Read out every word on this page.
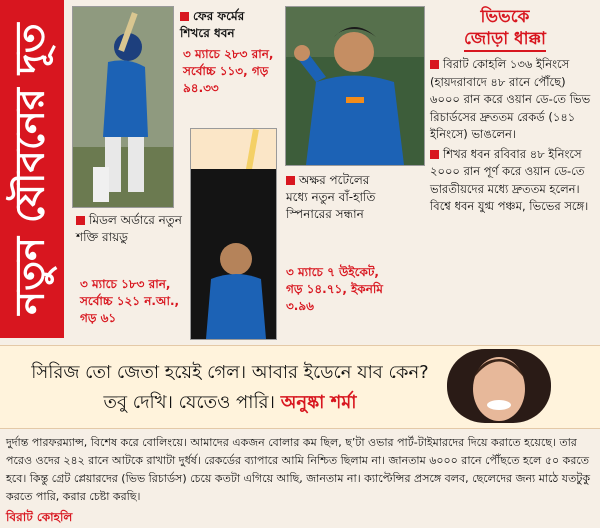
নতুন যৌবনের দূত
ফের ফর্মের শিখরে ধবন
৩ ম্যাচে ২৮৩ রান, সর্বোচ্চ ১১৩, গড় ৯৪.৩৩
ভিভকে
জোড়া ধাক্কা

বিরাট কোহলি ১৩৬ ইনিংসে (হায়দরাবাদে ৪৮ রানে পৌঁছে) ৬০০০ রান করে ওয়ান ডে-তে ভিভ রিচার্ডসের দ্রুততম রেকর্ড (১৪১ ইনিংসে) ভাঙলেন।

শিখর ধবন রবিবার ৪৮ ইনিংসে ২০০০ রান পূর্ণ করে ওয়ান ডে-তে ভারতীয়দের মধ্যে দ্রুততম হলেন। বিশ্বে ধবন যুগ্ম পঞ্চম, ভিভের সঙ্গে।

মিডল অর্ডারে নতুন শক্তি রায়ডু
৩ ম্যাচে ১৮৩ রান, সর্বোচ্চ ১২১ ন.আ., গড় ৬১
অক্ষর পটেলের মধ্যে নতুন বাঁ-হাতি স্পিনারের সন্ধান
৩ ম্যাচে ৭ উইকেট, গড় ১৪.৭১, ইকনমি ৩.৯৬
সিরিজ তো জেতা হয়েই গেল। আবার ইডেনে যাব কেন? তবু দেখি। যেতেও পারি। অনুষ্কা শর্মা
দুর্দান্ত পারফরম্যান্স, বিশেষ করে বোলিংয়ে। আমাদের একজন বোলার কম ছিল, ছ’টা ওভার পার্ট-টাইমারদের দিয়ে করাতে হয়েছে। তার পরেও ওদের ২৪২ রানে আটকে রাখাটা দুর্ধর্ষ। রেকর্ডের ব্যাপারে আমি নিশ্চিত ছিলাম না। জানতাম ৬০০০ রানে পৌঁছতে হলে ৫০ করতে হবে। কিন্তু গ্রেট প্লেয়ারদের (ভিভ রিচার্ডস) চেয়ে কতটা এগিয়ে আছি, জানতাম না। ক্যাপ্টেন্সির প্রসঙ্গে বলব, ছেলেদের জন্য মাঠে যতটুকু করতে পারি, করার চেষ্টা করছি।
বিরাট কোহলি
